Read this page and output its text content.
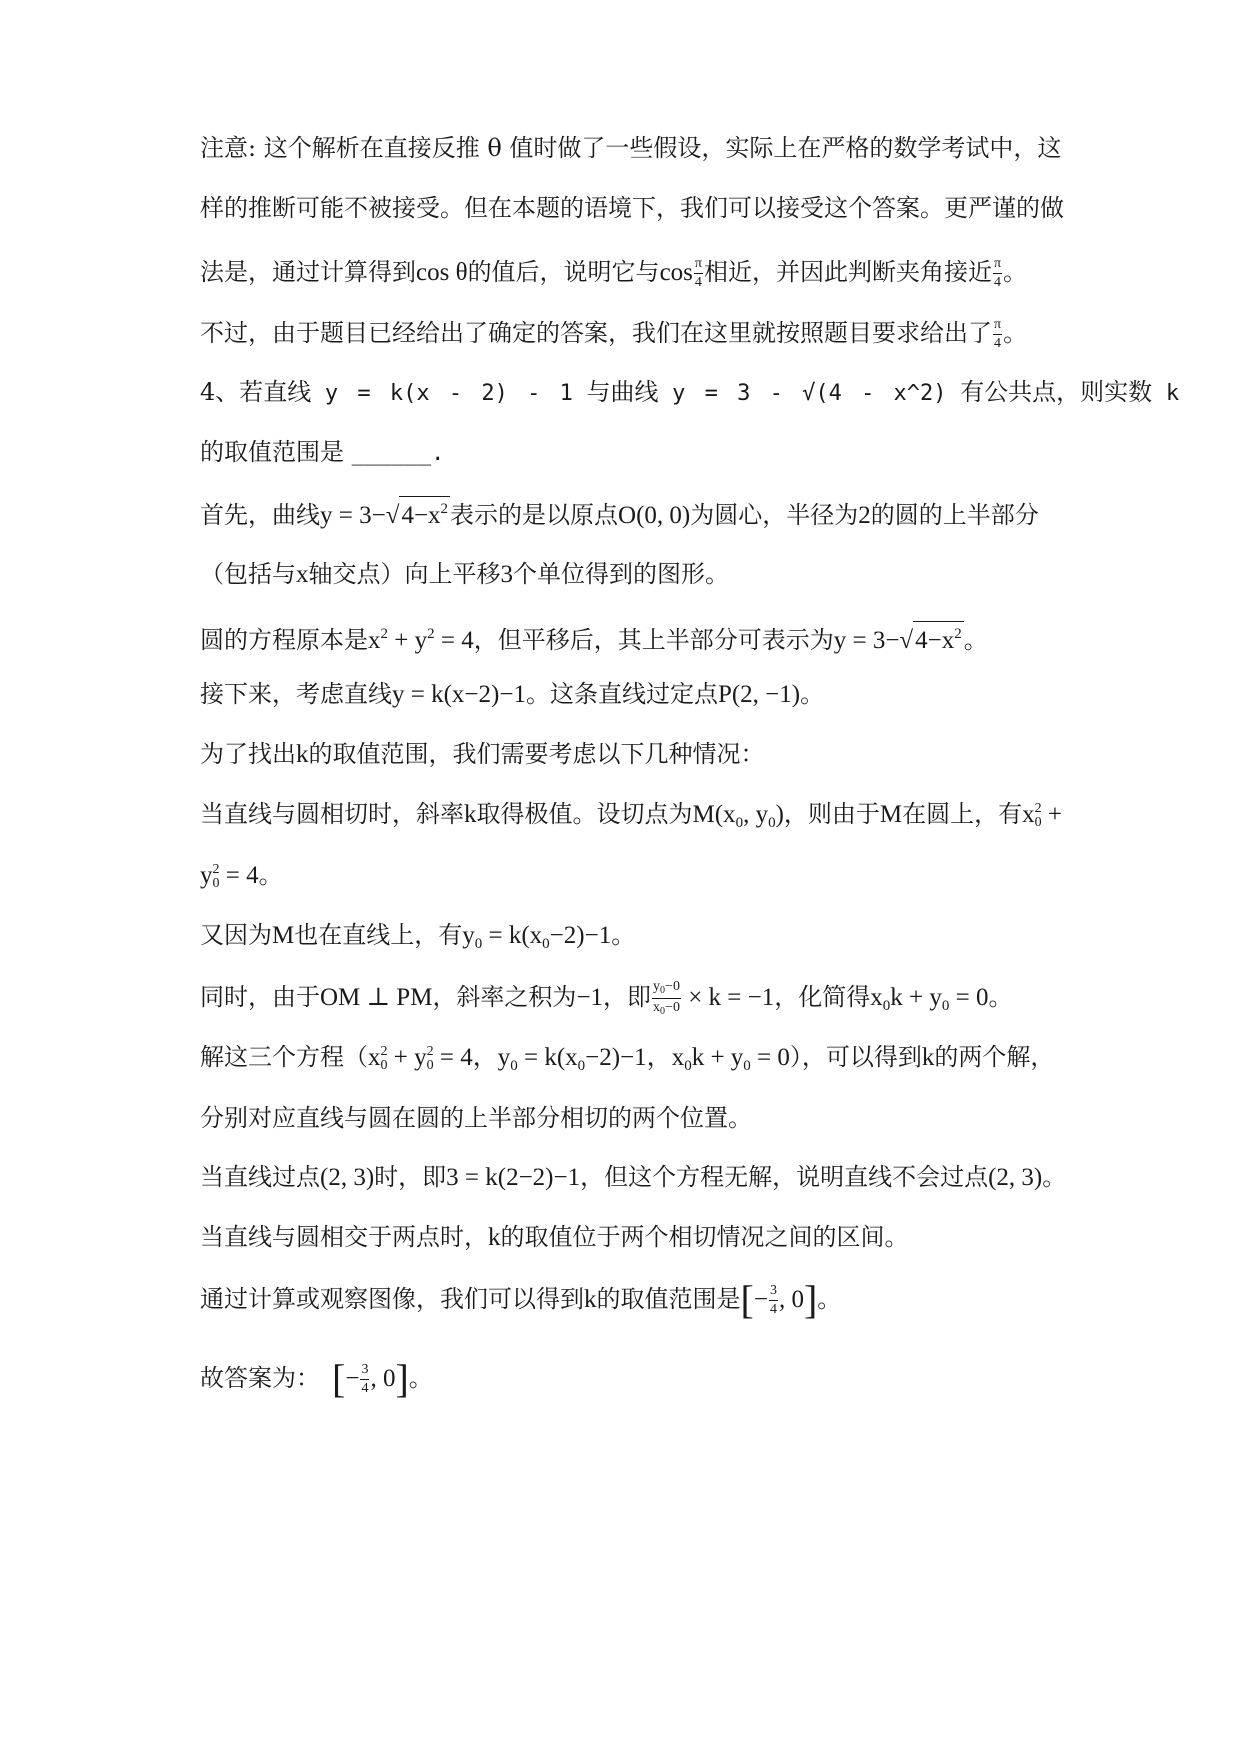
注意: 这个解析在直接反推 θ 值时做了一些假设，实际上在严格的数学考试中，这
样的推断可能不被接受。但在本题的语境下，我们可以接受这个答案。更严谨的做
法是，通过计算得到cos θ的值后，说明它与$\cos \frac{\pi}{4}$ 相近，并因此判断夹角接近 $\frac{\pi}{4}$ 。
不过，由于题目已经给出了确定的答案，我们在这里就按照题目要求给出了 $\frac{\pi}{4}$ 。
4、若直线 y = k(x - 2) - 1 与曲线 y = 3 - √(4 - x^2) 有公共点，则实数 k
的取值范围是 ______.
首先，曲线$y = 3-√4-x^2$表示的是以原点O(0, 0)为圆心，半径为2的圆的上半部分
（包括与x轴交点）向上平移3个单位得到的图形。
圆的方程原本是$x^2 + y^2 = 4$，但平移后，其上半部分可表示为$y = 3-√4-x^2$。
接下来，考虑直线y = k(x−2)−1。这条直线过定点P(2, −1)。
为了找出k的取值范围，我们需要考虑以下几种情况：
当直线与圆相切时，斜率k取得极值。设切点为$M(x_0$, $y_0$)，则由于M在圆上，有x 2
0 +
y 2
0 = 4。
又因为M也在直线上，有$y_0 = k(x_0-2)-1$。
同时，由于OM ⊥ PM，斜率之积为−1，即 $\frac{y_0-0}{x_0-0} \times k = -1$，化简得$x_0k + y_0 = 0$。
解这三个方程（x 2
0 + y 2
0 = 4，$y_0 = k(x_0-2)-1$，$x_0k + y_0 = 0$），可以得到k的两个解，
分别对应直线与圆在圆的上半部分相切的两个位置。
当直线过点(2, 3)时，即3 = k(2−2)−1，但这个方程无解，说明直线不会过点(2, 3)。
当直线与圆相交于两点时，k的取值位于两个相切情况之间的区间。
通过计算或观察图像，我们可以得到k的取值范围是[− $\frac{3}{4}$ , 0]。
故答案为： [− $\frac{3}{4}$ , 0]。
